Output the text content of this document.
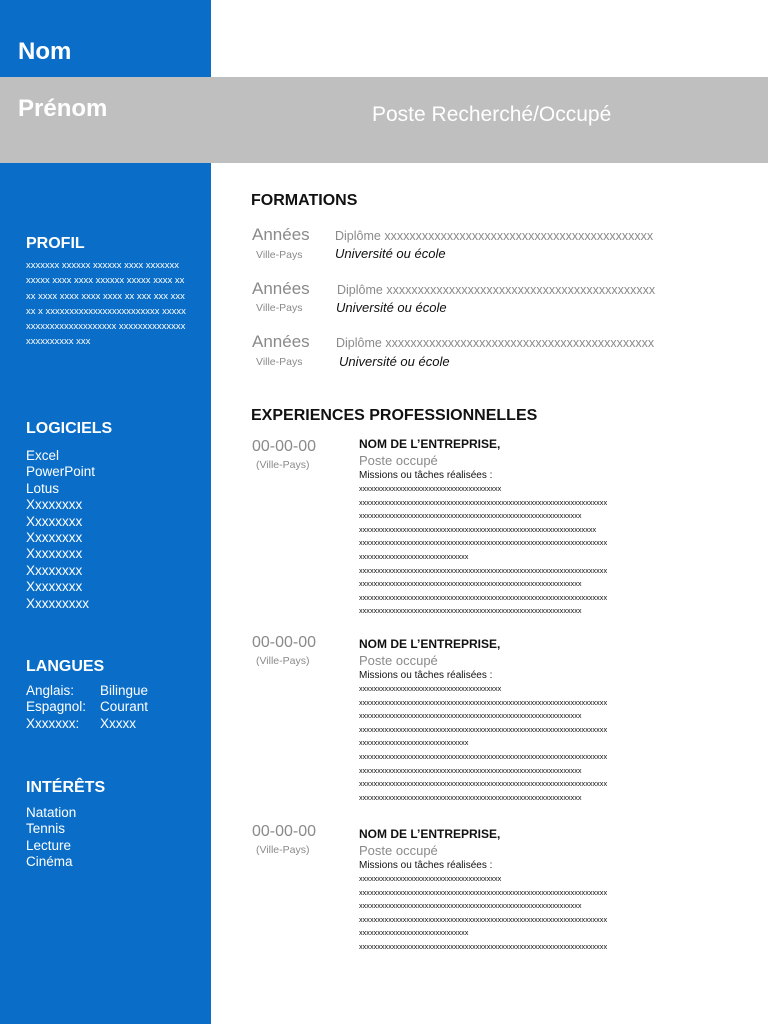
Nom
Prénom	Poste Recherché/Occupé
PROFIL
xxxxxxx xxxxxx xxxxxx xxxx xxxxxxx xxxxx xxxx xxxx xxxxxx xxxxx xxxx xxxx xxxx xxxx xxxx xxxx xx xxx xxx xxx xx x xxxxxxxxxxxxxxxxxxxxxxxx xxxxxxxxxxxxxxxxxxxxxxxx xxxxxxxxxxxxxxxxxxxxxxxx xxx
LOGICIELS
Excel
PowerPoint
Lotus
Xxxxxxxx
Xxxxxxxx
Xxxxxxxx
Xxxxxxxx
Xxxxxxxx
Xxxxxxxx
Xxxxxxxxx
LANGUES
Anglais:	Bilingue
Espagnol:	Courant
Xxxxxxx:	Xxxxx
INTÉRÊTS
Natation
Tennis
Lecture
Cinéma
FORMATIONS
Années Diplôme xxxxxxxxxxxxxxxxxxxxxxxxxxxxxxxxxxxxxxxxxxx
Ville-Pays	Université ou école
Années Diplôme xxxxxxxxxxxxxxxxxxxxxxxxxxxxxxxxxxxxxxxxxxx
Ville-Pays	Université ou école
Années Diplôme xxxxxxxxxxxxxxxxxxxxxxxxxxxxxxxxxxxxxxxxxxx
Ville-Pays	Université ou école
EXPERIENCES PROFESSIONNELLES
00-00-00
(Ville-Pays)
NOM DE L’ENTREPRISE,
Poste occupé
Missions ou tâches réalisées :
xxxxxxxxxxxxxxxxxxxxxxxxxxxxxxxxxxxxxxx
xxxxxxxxxxxxxxxxxxxxxxxxxxxxxxxxxxxxxxxxxxxxxxxxxxxxxxxxxxxxxxxxxxxx
xxxxxxxxxxxxxxxxxxxxxxxxxxxxxxxxxxxxxxxxxxxxxxxxxxxxxxxxxxxxx
xxxxxxxxxxxxxxxxxxxxxxxxxxxxxxxxxxxxxxxxxxxxxxxxxxxxxxxxxxxxxxxxx
xxxxxxxxxxxxxxxxxxxxxxxxxxxxxxxxxxxxxxxxxxxxxxxxxxxxxxxxxxxxxxxxxxxx
xxxxxxxxxxxxxxxxxxxxxxxxxxxxxx
xxxxxxxxxxxxxxxxxxxxxxxxxxxxxxxxxxxxxxxxxxxxxxxxxxxxxxxxxxxxxxxxxxxx
xxxxxxxxxxxxxxxxxxxxxxxxxxxxxxxxxxxxxxxxxxxxxxxxxxxxxxxxxxxxx
xxxxxxxxxxxxxxxxxxxxxxxxxxxxxxxxxxxxxxxxxxxxxxxxxxxxxxxxxxxxxxxxxxxx
xxxxxxxxxxxxxxxxxxxxxxxxxxxxxxxxxxxxxxxxxxxxxxxxxxxxxxxxxxxxx
00-00-00
(Ville-Pays)
NOM DE L’ENTREPRISE,
Poste occupé
Missions ou tâches réalisées :
xxxxxxxxxxxxxxxxxxxxxxxxxxxxxxxxxxxxxxx
xxxxxxxxxxxxxxxxxxxxxxxxxxxxxxxxxxxxxxxxxxxxxxxxxxxxxxxxxxxxxxxxxxxx
xxxxxxxxxxxxxxxxxxxxxxxxxxxxxxxxxxxxxxxxxxxxxxxxxxxxxxxxxxxxx
xxxxxxxxxxxxxxxxxxxxxxxxxxxxxxxxxxxxxxxxxxxxxxxxxxxxxxxxxxxxxxxxxxxx
xxxxxxxxxxxxxxxxxxxxxxxxxxxxxx
xxxxxxxxxxxxxxxxxxxxxxxxxxxxxxxxxxxxxxxxxxxxxxxxxxxxxxxxxxxxxxxxxxxx
xxxxxxxxxxxxxxxxxxxxxxxxxxxxxxxxxxxxxxxxxxxxxxxxxxxxxxxxxxxxx
xxxxxxxxxxxxxxxxxxxxxxxxxxxxxxxxxxxxxxxxxxxxxxxxxxxxxxxxxxxxxxxxxxxx
xxxxxxxxxxxxxxxxxxxxxxxxxxxxxxxxxxxxxxxxxxxxxxxxxxxxxxxxxxxxx
00-00-00
(Ville-Pays)
NOM DE L’ENTREPRISE,
Poste occupé
Missions ou tâches réalisées :
xxxxxxxxxxxxxxxxxxxxxxxxxxxxxxxxxxxxxxx
xxxxxxxxxxxxxxxxxxxxxxxxxxxxxxxxxxxxxxxxxxxxxxxxxxxxxxxxxxxxxxxxxxxx
xxxxxxxxxxxxxxxxxxxxxxxxxxxxxxxxxxxxxxxxxxxxxxxxxxxxxxxxxxxxx
xxxxxxxxxxxxxxxxxxxxxxxxxxxxxxxxxxxxxxxxxxxxxxxxxxxxxxxxxxxxxxxxxxxx
xxxxxxxxxxxxxxxxxxxxxxxxxxxxxx
xxxxxxxxxxxxxxxxxxxxxxxxxxxxxxxxxxxxxxxxxxxxxxxxxxxxxxxxxxxxxxxxxxxx
